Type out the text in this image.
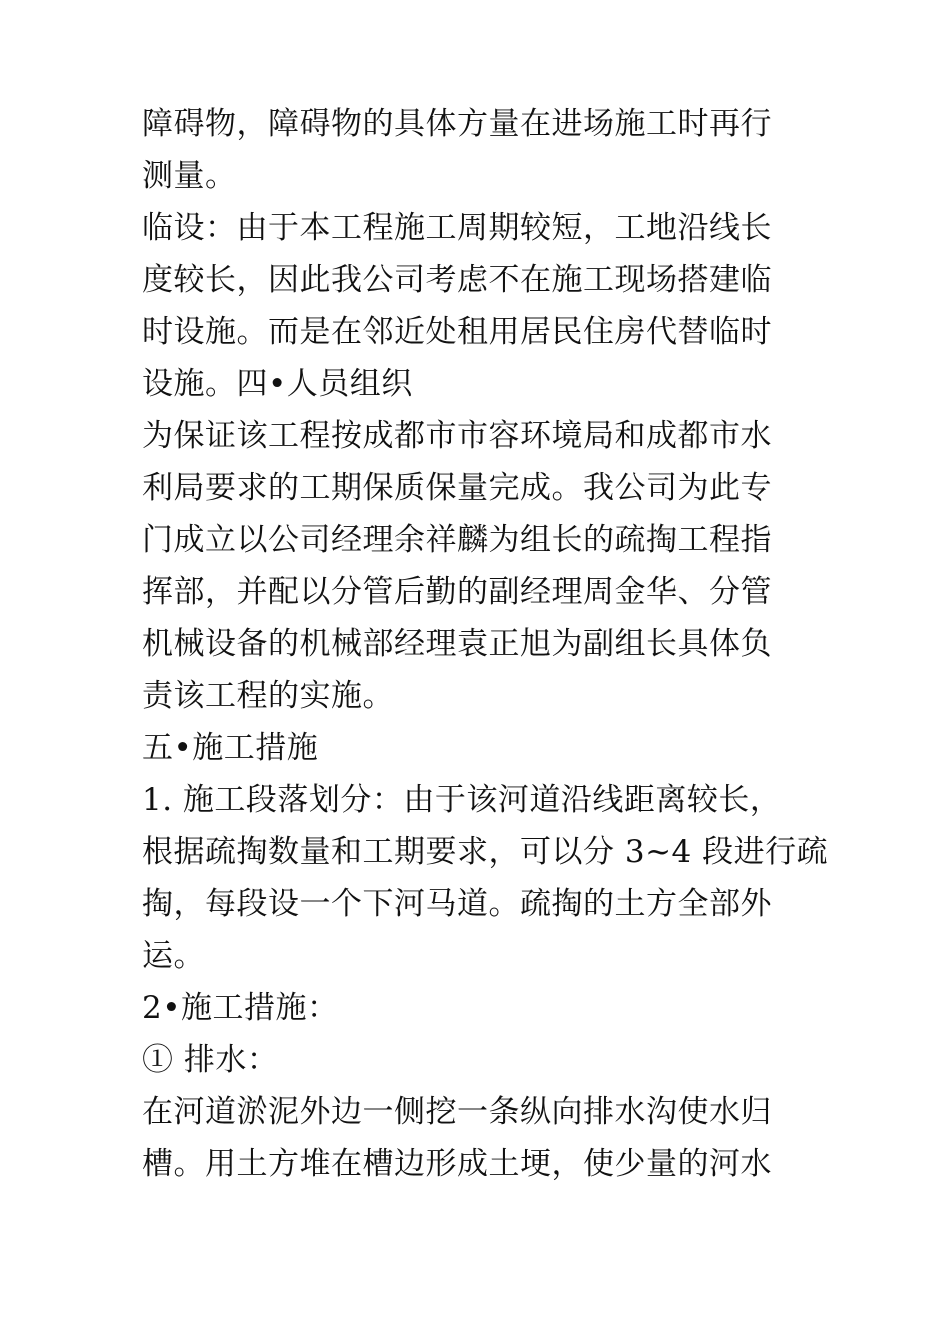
障碍物，障碍物的具体方量在进场施工时再行
测量。
临设：由于本工程施工周期较短，工地沿线长
度较长，因此我公司考虑不在施工现场搭建临
时设施。而是在邻近处租用居民住房代替临时
设施。四•人员组织
为保证该工程按成都市市容环境局和成都市水
利局要求的工期保质保量完成。我公司为此专
门成立以公司经理余祥麟为组长的疏掏工程指
挥部，并配以分管后勤的副经理周金华、分管
机械设备的机械部经理袁正旭为副组长具体负
责该工程的实施。
五•施工措施
1. 施工段落划分：由于该河道沿线距离较长，
根据疏掏数量和工期要求，可以分 3~4 段进行疏
掏，每段设一个下河马道。疏掏的土方全部外
运。
2•施工措施：
① 排水：
在河道淤泥外边一侧挖一条纵向排水沟使水归
槽。用土方堆在槽边形成土埂，使少量的河水
